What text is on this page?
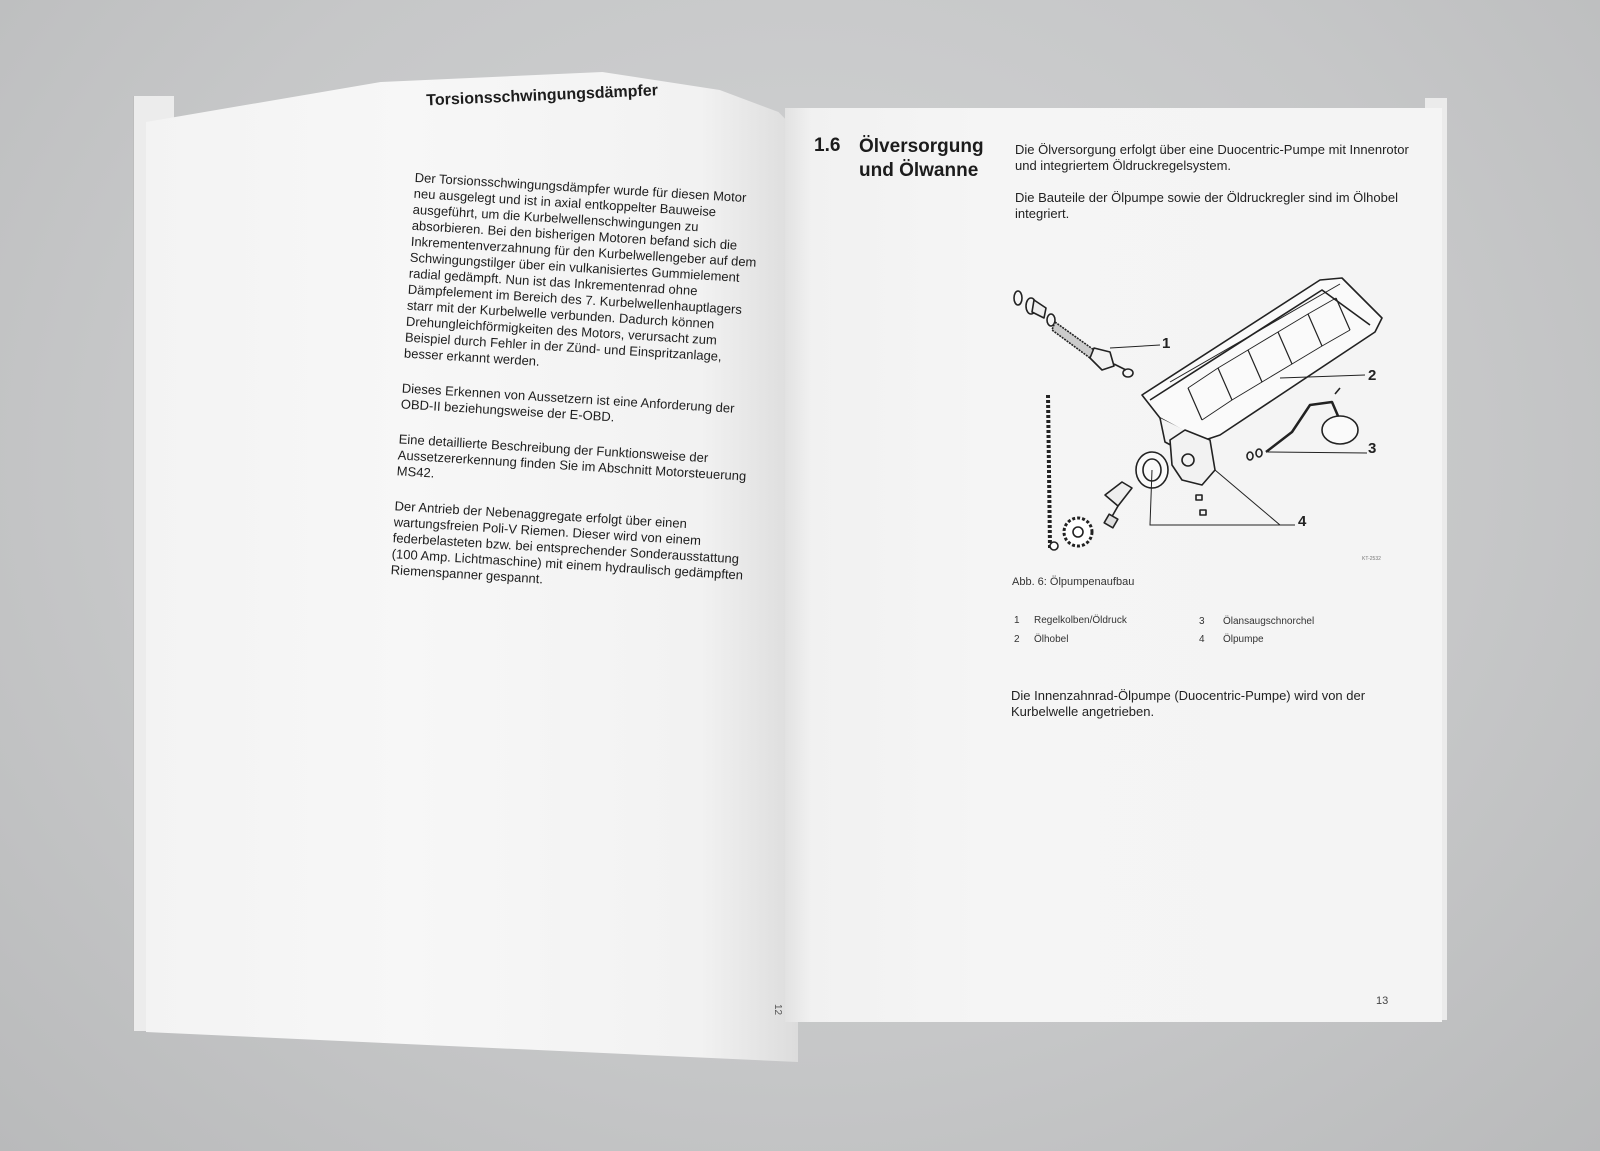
Torsionsschwingungsdämpfer

Der Torsionsschwingungsdämpfer wurde für diesen Motor neu ausgelegt und ist in axial entkoppelter Bauweise ausgeführt, um die Kurbelwellenschwingungen zu absorbieren. Bei den bisherigen Motoren befand sich die Inkrementenverzahnung für den Kurbelwellengeber auf dem Schwingungstilger über ein vulkanisiertes Gummielement radial gedämpft. Nun ist das Inkrementenrad ohne Dämpfelement im Bereich des 7. Kurbelwellenhauptlagers starr mit der Kurbelwelle verbunden. Dadurch können Drehungleichförmigkeiten des Motors, verursacht zum Beispiel durch Fehler in der Zünd- und Einspritzanlage, besser erkannt werden.

Dieses Erkennen von Aussetzern ist eine Anforderung der OBD-II beziehungsweise der E-OBD.

Eine detaillierte Beschreibung der Funktionsweise der Aussetzererkennung finden Sie im Abschnitt Motorsteuerung MS42.

Der Antrieb der Nebenaggregate erfolgt über einen wartungsfreien Poli-V Riemen. Dieser wird von einem federbelasteten bzw. bei entsprechender Sonderausstattung (100 Amp. Lichtmaschine) mit einem hydraulisch gedämpften Riemenspanner gespannt.

12
1.6 Ölversorgung
und Ölwanne
Die Ölversorgung erfolgt über eine Duocentric-Pumpe mit Innenrotor und integriertem Öldruckregelsystem.
Die Bauteile der Ölpumpe sowie der Öldruckregler sind im Ölhobel integriert.
1
2
3
4
KT-2532
Abb. 6: Ölpumpenaufbau
1 Regelkolben/Öldruck
2 Ölhobel
3 Ölansaugschnorchel
4 Ölpumpe
Die Innenzahnrad-Ölpumpe (Duocentric-Pumpe) wird von der Kurbelwelle angetrieben.
13
